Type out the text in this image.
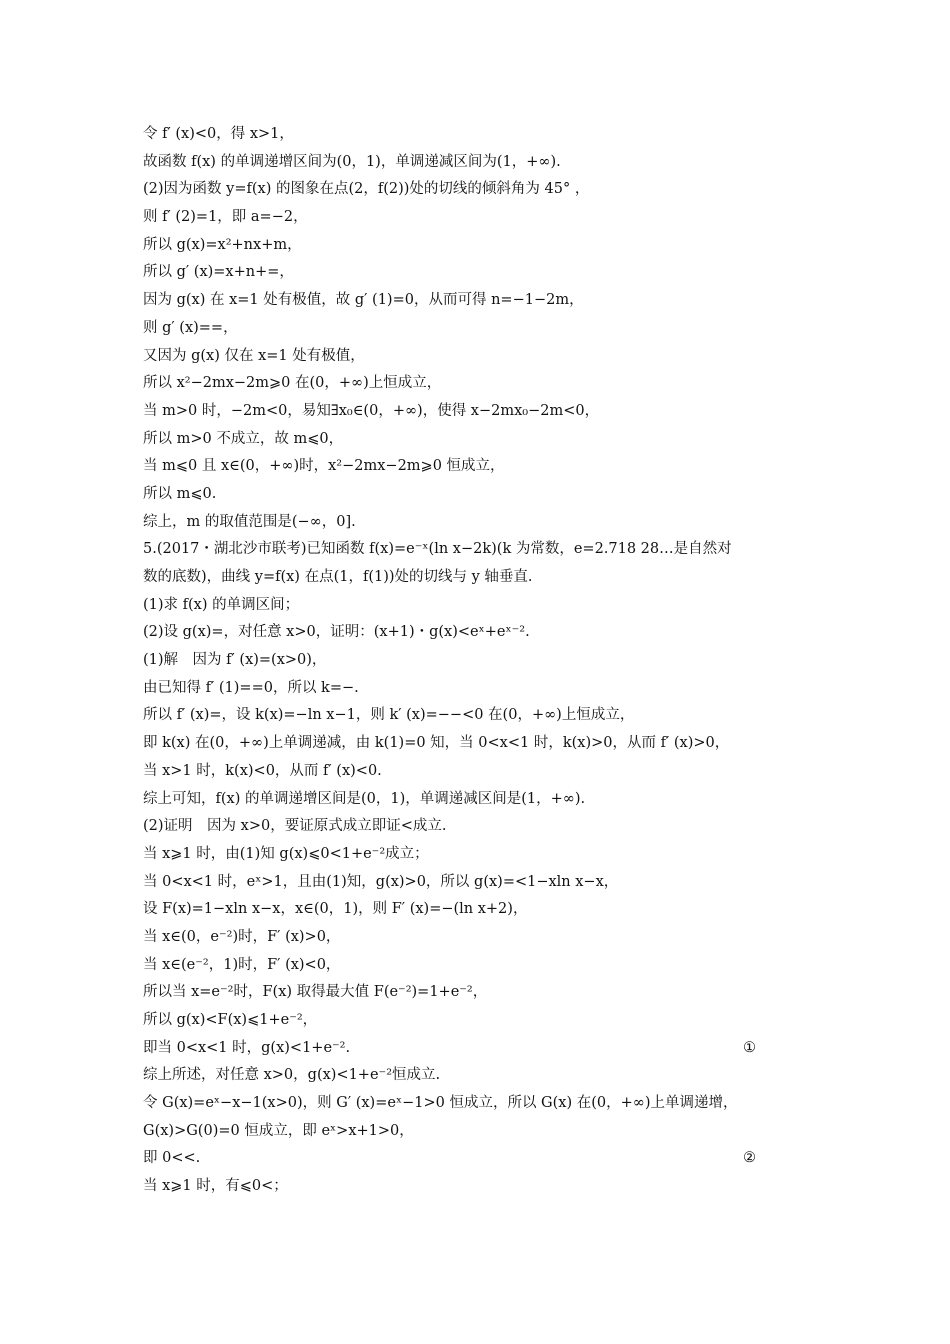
令 f′ (x)<0，得 x>1，
故函数 f(x) 的单调递增区间为(0，1)，单调递减区间为(1，+∞).
(2)因为函数 y=f(x) 的图象在点(2，f(2))处的切线的倾斜角为 45° ，
则 f′ (2)=1，即 a=−2，
所以 g(x)=x²+nx+m，
所以 g′ (x)=x+n+=，
因为 g(x) 在 x=1 处有极值，故 g′ (1)=0，从而可得 n=−1−2m，
则 g′ (x)==，
又因为 g(x) 仅在 x=1 处有极值，
所以 x²−2mx−2m⩾0 在(0，+∞)上恒成立，
当 m>0 时，−2m<0，易知∃x₀∈(0，+∞)，使得 x−2mx₀−2m<0，
所以 m>0 不成立，故 m⩽0，
当 m⩽0 且 x∈(0，+∞)时，x²−2mx−2m⩾0 恒成立，
所以 m⩽0.
综上，m 的取值范围是(−∞，0].
5.(2017・湖北沙市联考)已知函数 f(x)=e⁻ˣ(ln x−2k)(k 为常数，e=2.718 28…是自然对
数的底数)，曲线 y=f(x) 在点(1，f(1))处的切线与 y 轴垂直.
(1)求 f(x) 的单调区间；
(2)设 g(x)=，对任意 x>0，证明：(x+1)・g(x)<eˣ+eˣ⁻².
(1)解　因为 f′ (x)=(x>0)，
由已知得 f′ (1)==0，所以 k=−.
所以 f′ (x)=，设 k(x)=−ln x−1，则 k′ (x)=−−<0 在(0，+∞)上恒成立，
即 k(x) 在(0，+∞)上单调递减，由 k(1)=0 知，当 0<x<1 时，k(x)>0，从而 f′ (x)>0，
当 x>1 时，k(x)<0，从而 f′ (x)<0.
综上可知，f(x) 的单调递增区间是(0，1)，单调递减区间是(1，+∞).
(2)证明　因为 x>0，要证原式成立即证<成立.
当 x⩾1 时，由(1)知 g(x)⩽0<1+e⁻²成立；
当 0<x<1 时，eˣ>1，且由(1)知，g(x)>0，所以 g(x)=<1−xln x−x，
设 F(x)=1−xln x−x，x∈(0，1)，则 F′ (x)=−(ln x+2)，
当 x∈(0，e⁻²)时，F′ (x)>0，
当 x∈(e⁻²，1)时，F′ (x)<0，
所以当 x=e⁻²时，F(x) 取得最大值 F(e⁻²)=1+e⁻²，
所以 g(x)<F(x)⩽1+e⁻²，
即当 0<x<1 时，g(x)<1+e⁻².	①
综上所述，对任意 x>0，g(x)<1+e⁻²恒成立.
令 G(x)=eˣ−x−1(x>0)，则 G′ (x)=eˣ−1>0 恒成立，所以 G(x) 在(0，+∞)上单调递增，
G(x)>G(0)=0 恒成立，即 eˣ>x+1>0，
即 0<<.	②
当 x⩾1 时，有⩽0<；
